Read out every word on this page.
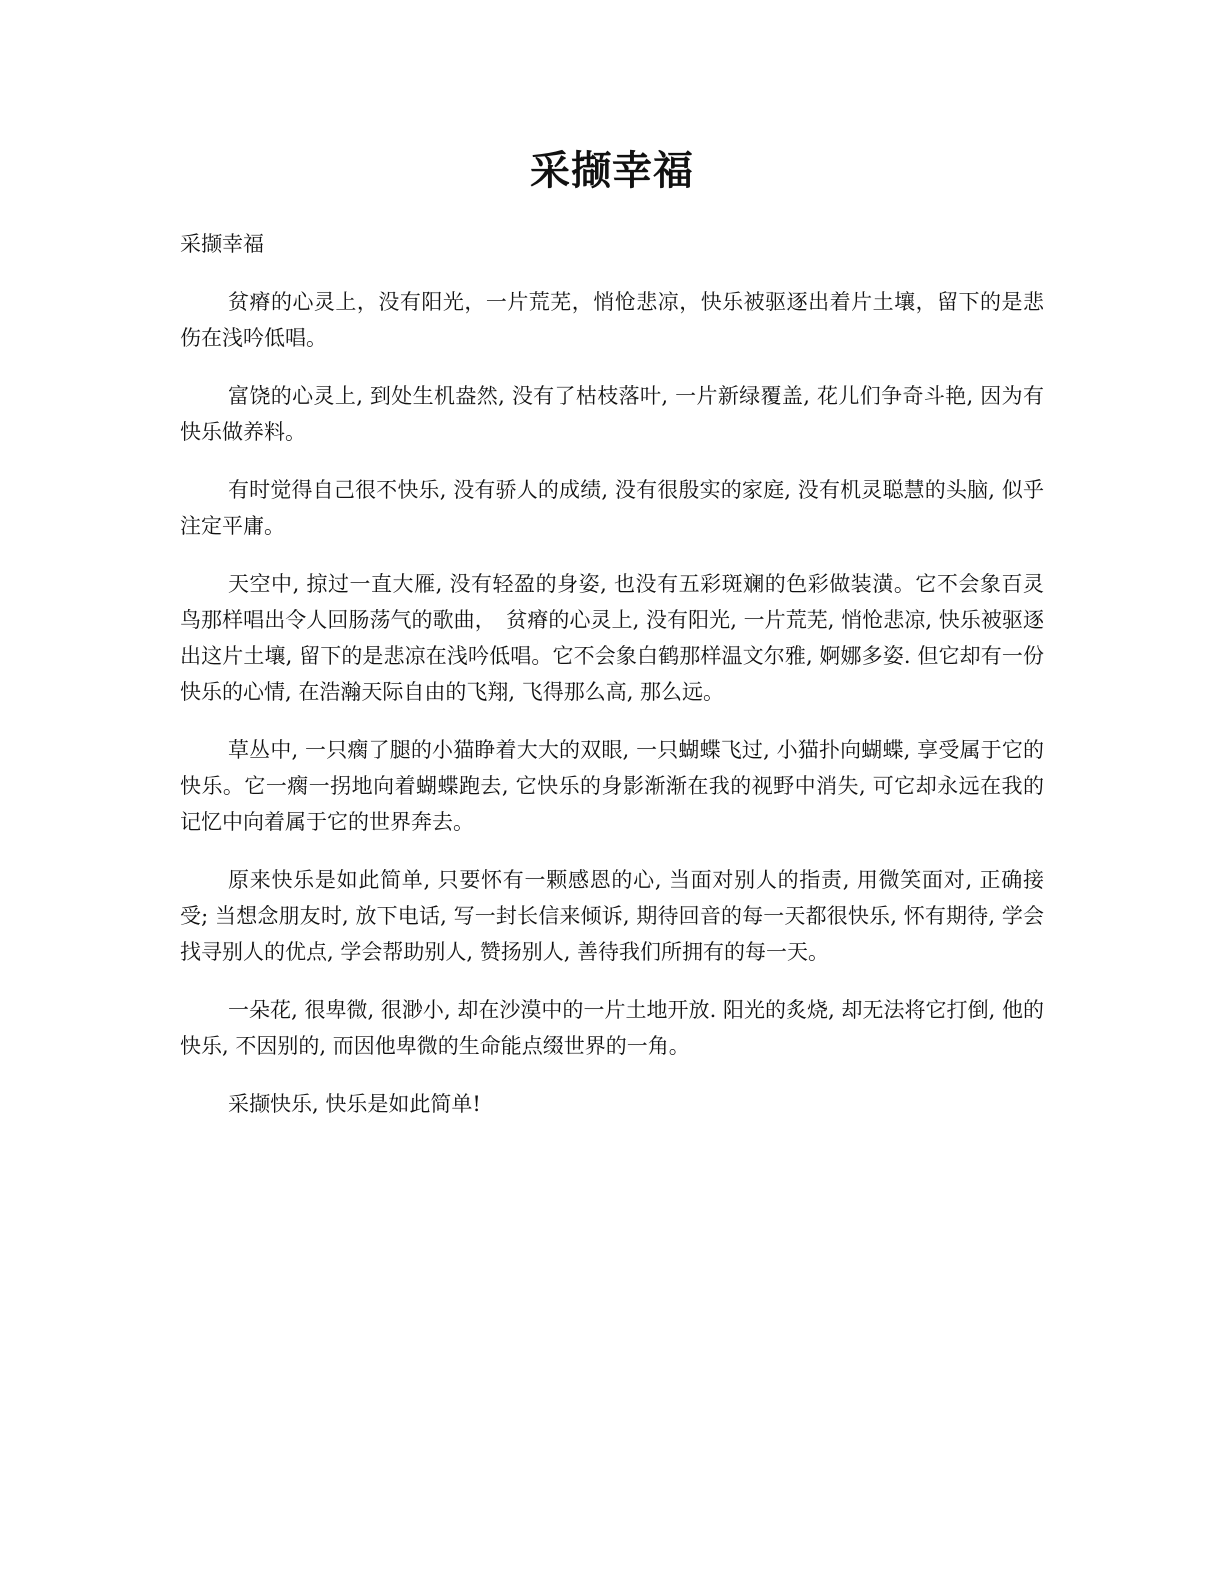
采撷幸福

采撷幸福

贫瘠的心灵上，没有阳光，一片荒芜，悄怆悲凉，快乐被驱逐出着片土壤，留下的是悲伤在浅吟低唱。

富饶的心灵上, 到处生机盎然, 没有了枯枝落叶, 一片新绿覆盖, 花儿们争奇斗艳, 因为有快乐做养料。

有时觉得自己很不快乐, 没有骄人的成绩, 没有很殷实的家庭, 没有机灵聪慧的头脑, 似乎注定平庸。

天空中, 掠过一直大雁, 没有轻盈的身姿, 也没有五彩斑斓的色彩做装潢。它不会象百灵鸟那样唱出令人回肠荡气的歌曲，　贫瘠的心灵上, 没有阳光, 一片荒芜, 悄怆悲凉, 快乐被驱逐出这片土壤, 留下的是悲凉在浅吟低唱。它不会象白鹤那样温文尔雅, 婀娜多姿. 但它却有一份快乐的心情, 在浩瀚天际自由的飞翔, 飞得那么高, 那么远。

草丛中, 一只瘸了腿的小猫睁着大大的双眼, 一只蝴蝶飞过, 小猫扑向蝴蝶, 享受属于它的快乐。它一瘸一拐地向着蝴蝶跑去, 它快乐的身影渐渐在我的视野中消失, 可它却永远在我的记忆中向着属于它的世界奔去。

原来快乐是如此简单, 只要怀有一颗感恩的心, 当面对别人的指责, 用微笑面对, 正确接受; 当想念朋友时, 放下电话, 写一封长信来倾诉, 期待回音的每一天都很快乐, 怀有期待, 学会找寻别人的优点, 学会帮助别人, 赞扬别人, 善待我们所拥有的每一天。

一朵花, 很卑微, 很渺小, 却在沙漠中的一片土地开放. 阳光的炙烧, 却无法将它打倒, 他的快乐, 不因别的, 而因他卑微的生命能点缀世界的一角。

采撷快乐, 快乐是如此简单!
